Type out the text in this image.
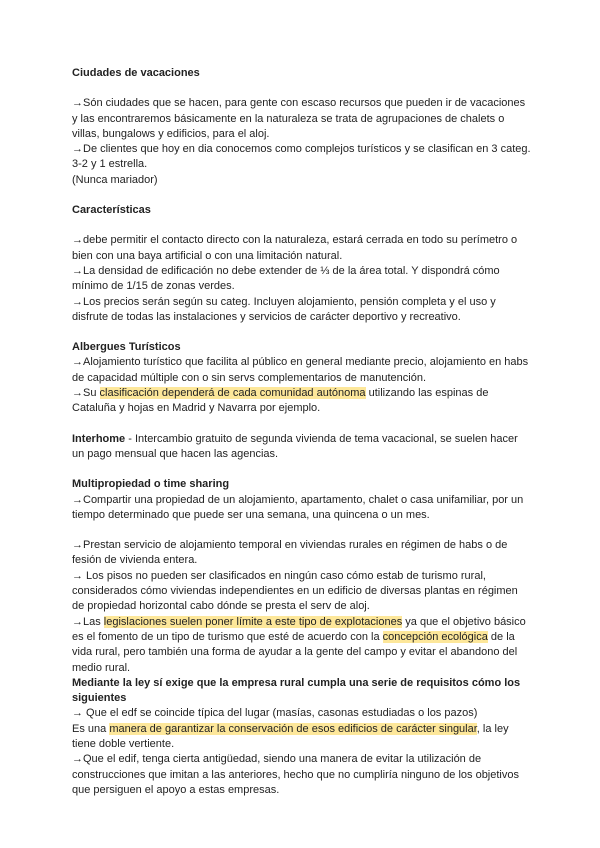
Ciudades de vacaciones

→Són ciudades que se hacen, para gente con escaso recursos que pueden ir de vacaciones y las encontraremos básicamente en la naturaleza se trata de agrupaciones de chalets o villas, bungalows y edificios, para el aloj.

→De clientes que hoy en dia conocemos como complejos turísticos y se clasifican en 3 categ. 3-2 y 1 estrella.

(Nunca mariador)

Características

→debe permitir el contacto directo con la naturaleza, estará cerrada en todo su perímetro o bien con una baya artificial o con una limitación natural.

→La densidad de edificación no debe extender de ⅓ de la área total. Y dispondrá cómo mínimo de 1/15 de zonas verdes.

→Los precios serán según su categ. Incluyen alojamiento, pensión completa y el uso y disfrute de todas las instalaciones y servicios de carácter deportivo y recreativo.

Albergues Turísticos

→Alojamiento turístico que facilita al público en general mediante precio, alojamiento en habs de capacidad múltiple con o sin servs complementarios de manutención.

→Su clasificación dependerá de cada comunidad autónoma utilizando las espinas de Cataluña y hojas en Madrid y Navarra por ejemplo.

Interhome - Intercambio gratuito de segunda vivienda de tema vacacional, se suelen hacer un pago mensual que hacen las agencias.

Multipropiedad o time sharing

→Compartir una propiedad de un alojamiento, apartamento, chalet o casa unifamiliar, por un tiempo determinado que puede ser una semana, una quincena o un mes.

→Prestan servicio de alojamiento temporal en viviendas rurales en régimen de habs o de fesión de vivienda entera.

→ Los pisos no pueden ser clasificados en ningún caso cómo estab de turismo rural, considerados cómo viviendas independientes en un edificio de diversas plantas en régimen de propiedad horizontal cabo dónde se presta el serv de aloj.

→Las legislaciones suelen poner límite a este tipo de explotaciones ya que el objetivo básico es el fomento de un tipo de turismo que esté de acuerdo con la concepción ecológica de la vida rural, pero también una forma de ayudar a la gente del campo y evitar el abandono del medio rural.

Mediante la ley sí exige que la empresa rural cumpla una serie de requisitos cómo los siguientes

→ Que el edf se coincide típica del lugar (masías, casonas estudiadas o los pazos)

Es una manera de garantizar la conservación de esos edificios de carácter singular, la ley tiene doble vertiente.

→Que el edif, tenga cierta antigüedad, siendo una manera de evitar la utilización de construcciones que imitan a las anteriores, hecho que no cumpliría ninguno de los objetivos que persiguen el apoyo a estas empresas.
